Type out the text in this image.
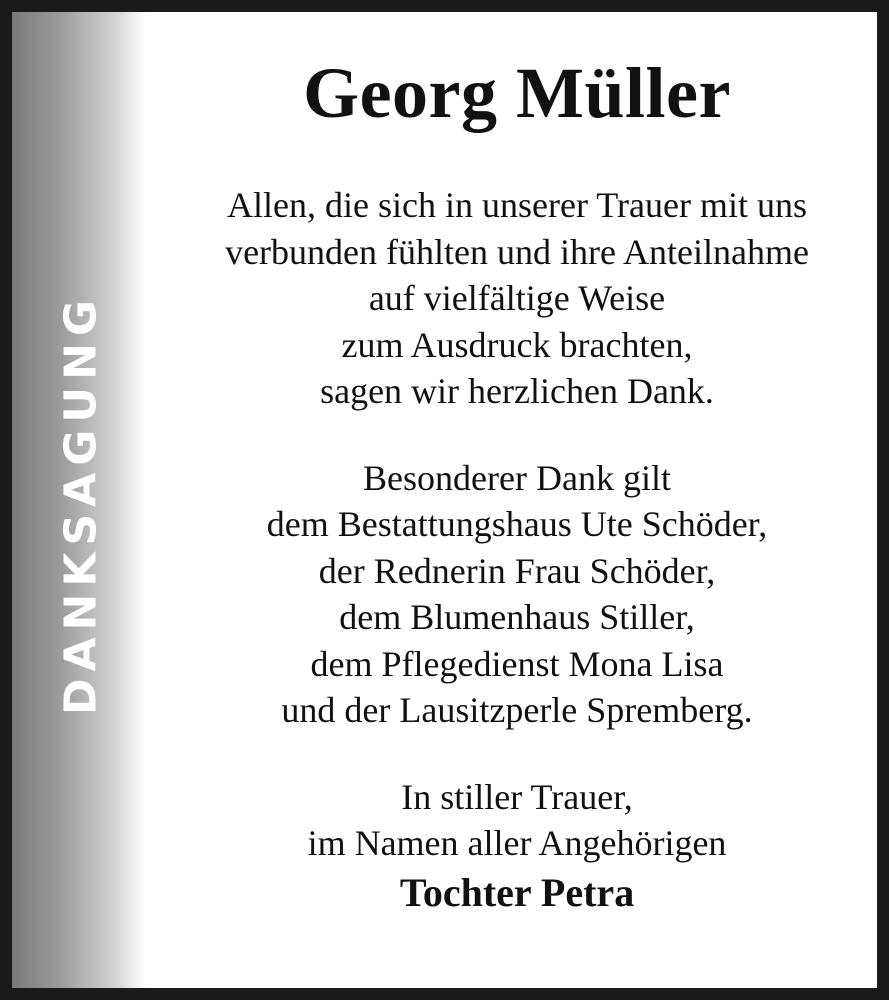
DANKSAGUNG
Georg Müller

Allen, die sich in unserer Trauer mit uns
verbunden fühlten und ihre Anteilnahme
auf vielfältige Weise
zum Ausdruck brachten,
sagen wir herzlichen Dank.

Besonderer Dank gilt
dem Bestattungshaus Ute Schöder,
der Rednerin Frau Schöder,
dem Blumenhaus Stiller,
dem Pflegedienst Mona Lisa
und der Lausitzperle Spremberg.

In stiller Trauer,
im Namen aller Angehörigen

Tochter Petra
